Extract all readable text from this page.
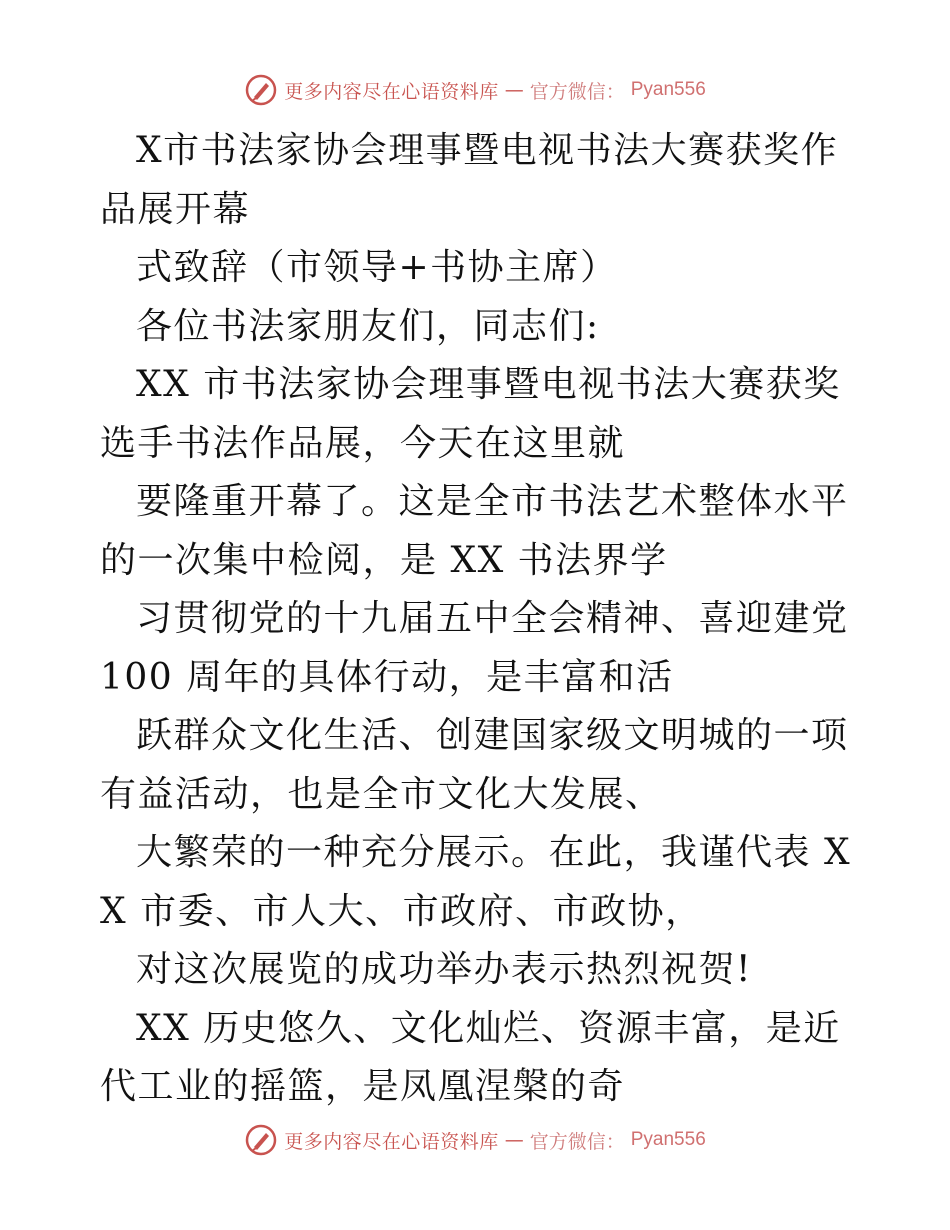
更多内容尽在心语资料库 — 官方微信： Pyan556

X市书法家协会理事暨电视书法大赛获奖作品展开幕

式致辞（市领导+书协主席）

各位书法家朋友们，同志们:

XX 市书法家协会理事暨电视书法大赛获奖选手书法作品展，今天在这里就

要隆重开幕了。这是全市书法艺术整体水平的一次集中检阅，是 XX 书法界学

习贯彻党的十九届五中全会精神、喜迎建党 100 周年的具体行动，是丰富和活

跃群众文化生活、创建国家级文明城的一项有益活动，也是全市文化大发展、

大繁荣的一种充分展示。在此，我谨代表 XX 市委、市人大、市政府、市政协，

对这次展览的成功举办表示热烈祝贺!

XX 历史悠久、文化灿烂、资源丰富，是近代工业的摇篮，是凤凰涅槃的奇

更多内容尽在心语资料库 — 官方微信： Pyan556
